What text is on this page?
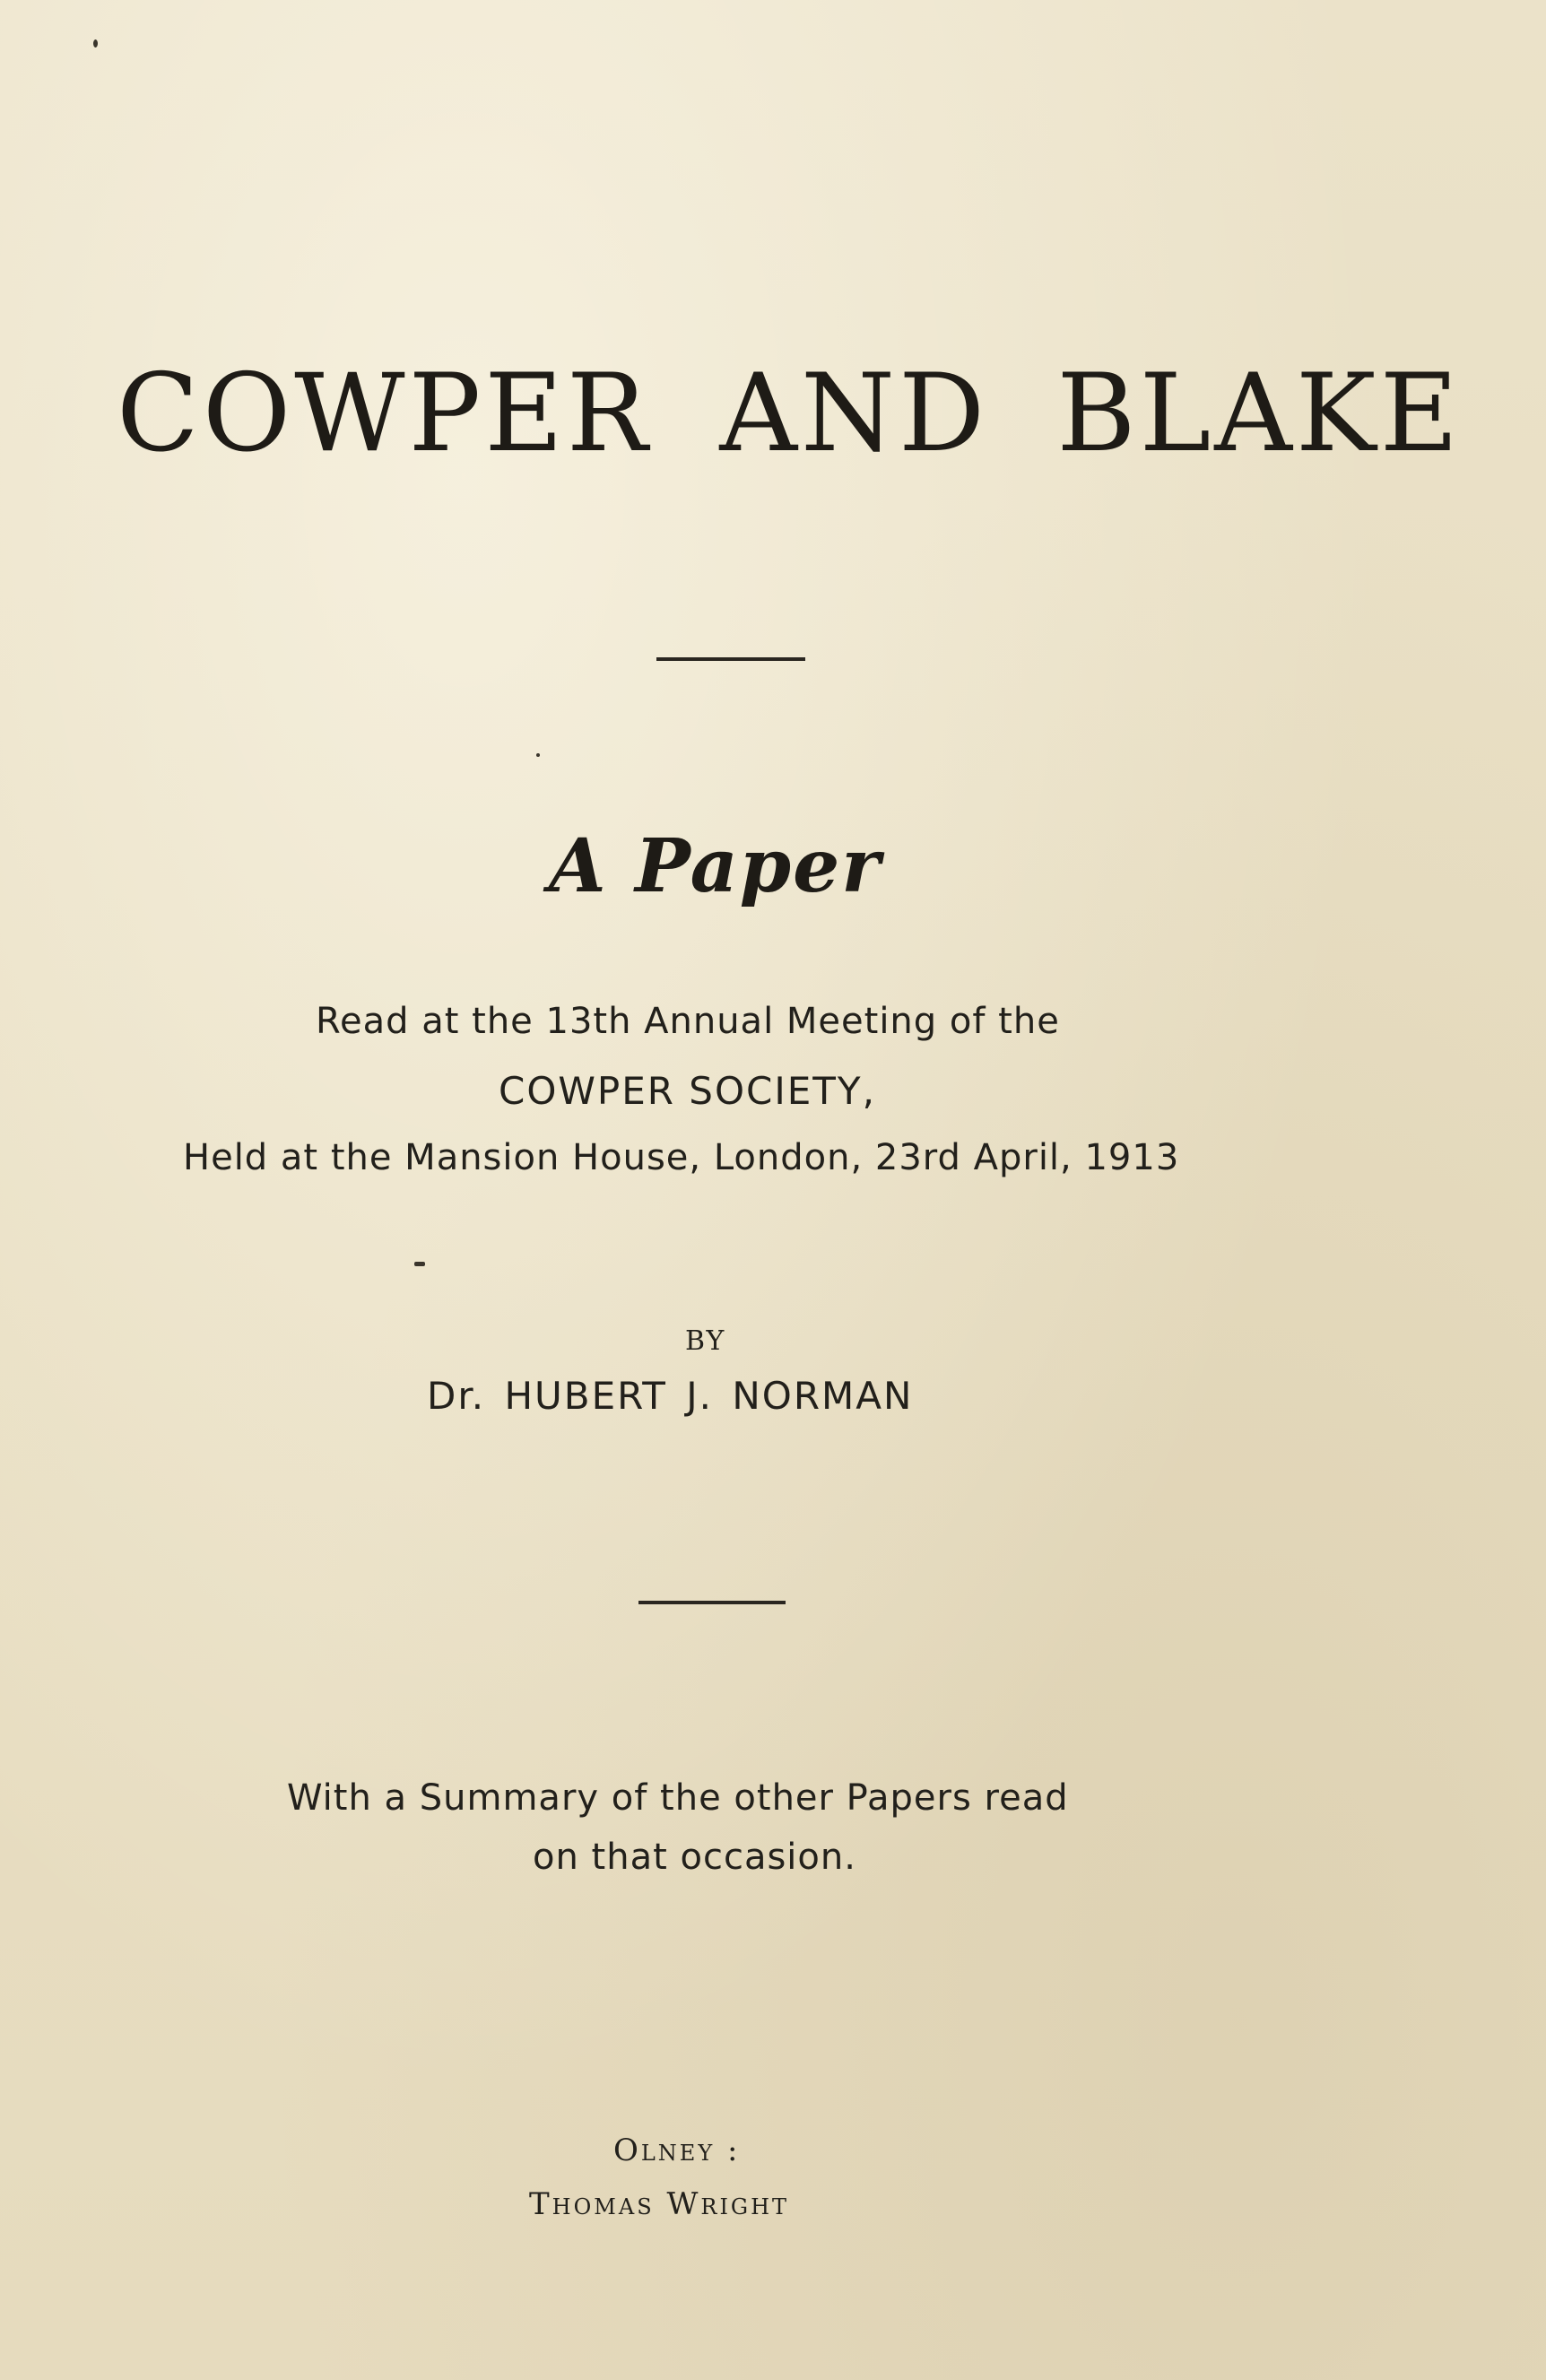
COWPER AND BLAKE
A Paper
Read at the 13th Annual Meeting of the
COWPER SOCIETY,
Held at the Mansion House, London, 23rd April, 1913
BY
Dr. HUBERT J. NORMAN
With a Summary of the other Papers read
on that occasion.
Olney :
Thomas Wright
